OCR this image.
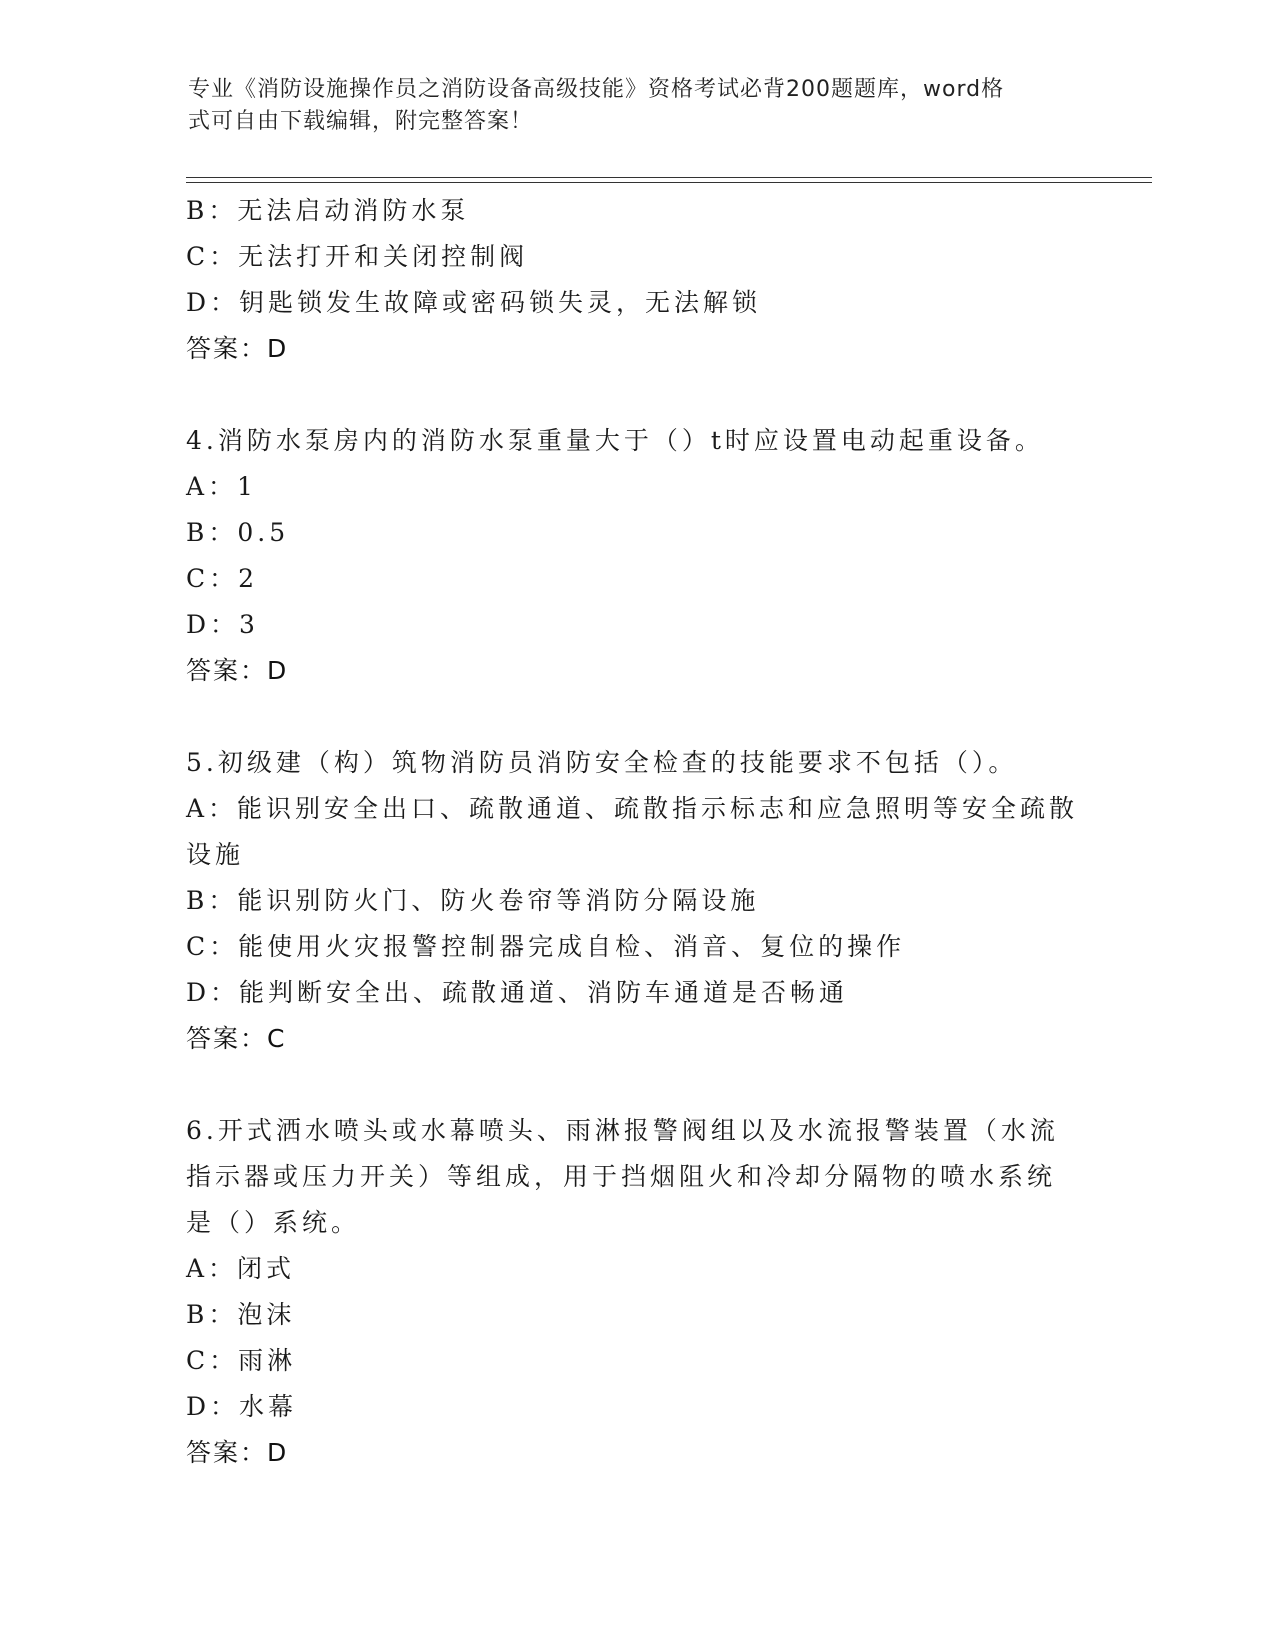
专业《消防设施操作员之消防设备高级技能》资格考试必背200题题库，word格
式可自由下载编辑，附完整答案！
B：无法启动消防水泵
C：无法打开和关闭控制阀
D：钥匙锁发生故障或密码锁失灵，无法解锁
答案：D
4.消防水泵房内的消防水泵重量大于（）t时应设置电动起重设备。
A：1
B：0.5
C：2
D：3
答案：D
5.初级建（构）筑物消防员消防安全检查的技能要求不包括（）。
A：能识别安全出口、疏散通道、疏散指示标志和应急照明等安全疏散
设施
B：能识别防火门、防火卷帘等消防分隔设施
C：能使用火灾报警控制器完成自检、消音、复位的操作
D：能判断安全出、疏散通道、消防车通道是否畅通
答案：C
6.开式洒水喷头或水幕喷头、雨淋报警阀组以及水流报警装置（水流
指示器或压力开关）等组成，用于挡烟阻火和冷却分隔物的喷水系统
是（）系统。
A：闭式
B：泡沫
C：雨淋
D：水幕
答案：D
